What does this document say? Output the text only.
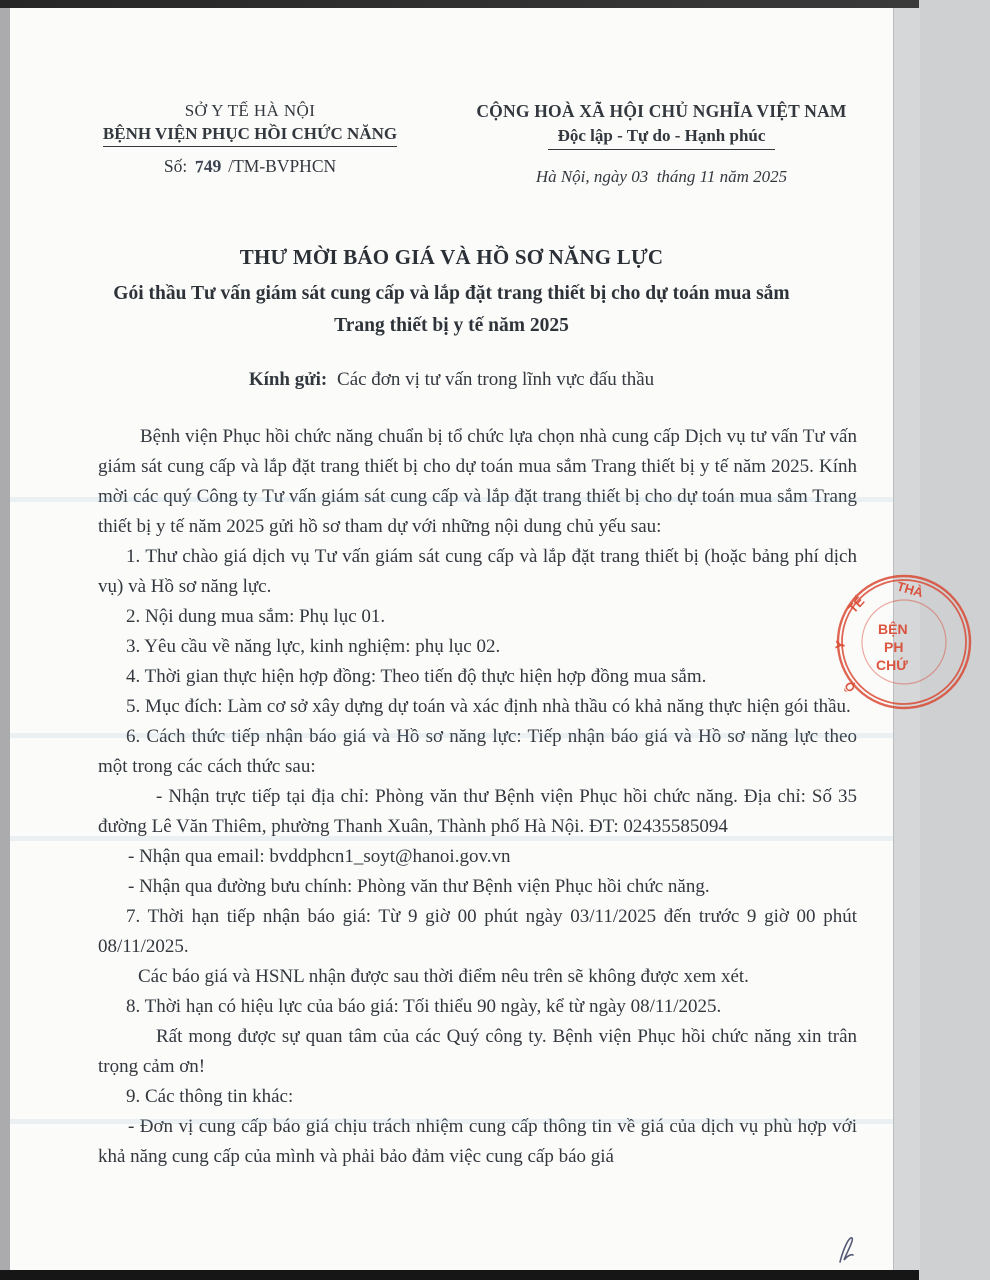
SỞ Y TẾ HÀ NỘI
BỆNH VIỆN PHỤC HỒI CHỨC NĂNG
Số: 749 /TM-BVPHCN
CỘNG HOÀ XÃ HỘI CHỦ NGHĨA VIỆT NAM
Độc lập - Tự do - Hạnh phúc
Hà Nội, ngày 03  tháng 11 năm 2025
THƯ MỜI BÁO GIÁ VÀ HỒ SƠ NĂNG LỰC
Gói thầu Tư vấn giám sát cung cấp và lắp đặt trang thiết bị cho dự toán mua sắm
Trang thiết bị y tế năm 2025
Kính gửi: Các đơn vị tư vấn trong lĩnh vực đấu thầu

Bệnh viện Phục hồi chức năng chuẩn bị tổ chức lựa chọn nhà cung cấp Dịch vụ tư vấn Tư vấn giám sát cung cấp và lắp đặt trang thiết bị cho dự toán mua sắm Trang thiết bị y tế năm 2025. Kính mời các quý Công ty Tư vấn giám sát cung cấp và lắp đặt trang thiết bị cho dự toán mua sắm Trang thiết bị y tế năm 2025 gửi hồ sơ tham dự với những nội dung chủ yếu sau:

1. Thư chào giá dịch vụ Tư vấn giám sát cung cấp và lắp đặt trang thiết bị (hoặc bảng phí dịch vụ) và Hồ sơ năng lực.

2. Nội dung mua sắm: Phụ lục 01.

3. Yêu cầu về năng lực, kinh nghiệm: phụ lục 02.

4. Thời gian thực hiện hợp đồng: Theo tiến độ thực hiện hợp đồng mua sắm.

5. Mục đích: Làm cơ sở xây dựng dự toán và xác định nhà thầu có khả năng thực hiện gói thầu.

6. Cách thức tiếp nhận báo giá và Hồ sơ năng lực: Tiếp nhận báo giá và Hồ sơ năng lực theo một trong các cách thức sau:

- Nhận trực tiếp tại địa chỉ: Phòng văn thư Bệnh viện Phục hồi chức năng. Địa chỉ: Số 35 đường Lê Văn Thiêm, phường Thanh Xuân, Thành phố Hà Nội. ĐT: 02435585094

- Nhận qua email: bvddphcn1_soyt@hanoi.gov.vn

- Nhận qua đường bưu chính: Phòng văn thư Bệnh viện Phục hồi chức năng.

7. Thời hạn tiếp nhận báo giá: Từ 9 giờ 00 phút ngày 03/11/2025 đến trước 9 giờ 00 phút 08/11/2025.

Các báo giá và HSNL nhận được sau thời điểm nêu trên sẽ không được xem xét.

8. Thời hạn có hiệu lực của báo giá: Tối thiểu 90 ngày, kể từ ngày 08/11/2025.

Rất mong được sự quan tâm của các Quý công ty. Bệnh viện Phục hồi chức năng xin trân trọng cảm ơn!

9. Các thông tin khác:

- Đơn vị cung cấp báo giá chịu trách nhiệm cung cấp thông tin về giá của dịch vụ phù hợp với khả năng cung cấp của mình và phải bảo đảm việc cung cấp báo giá

THÀ
TẾ
Y
Ộ
BỆN
PH
CHỨ
